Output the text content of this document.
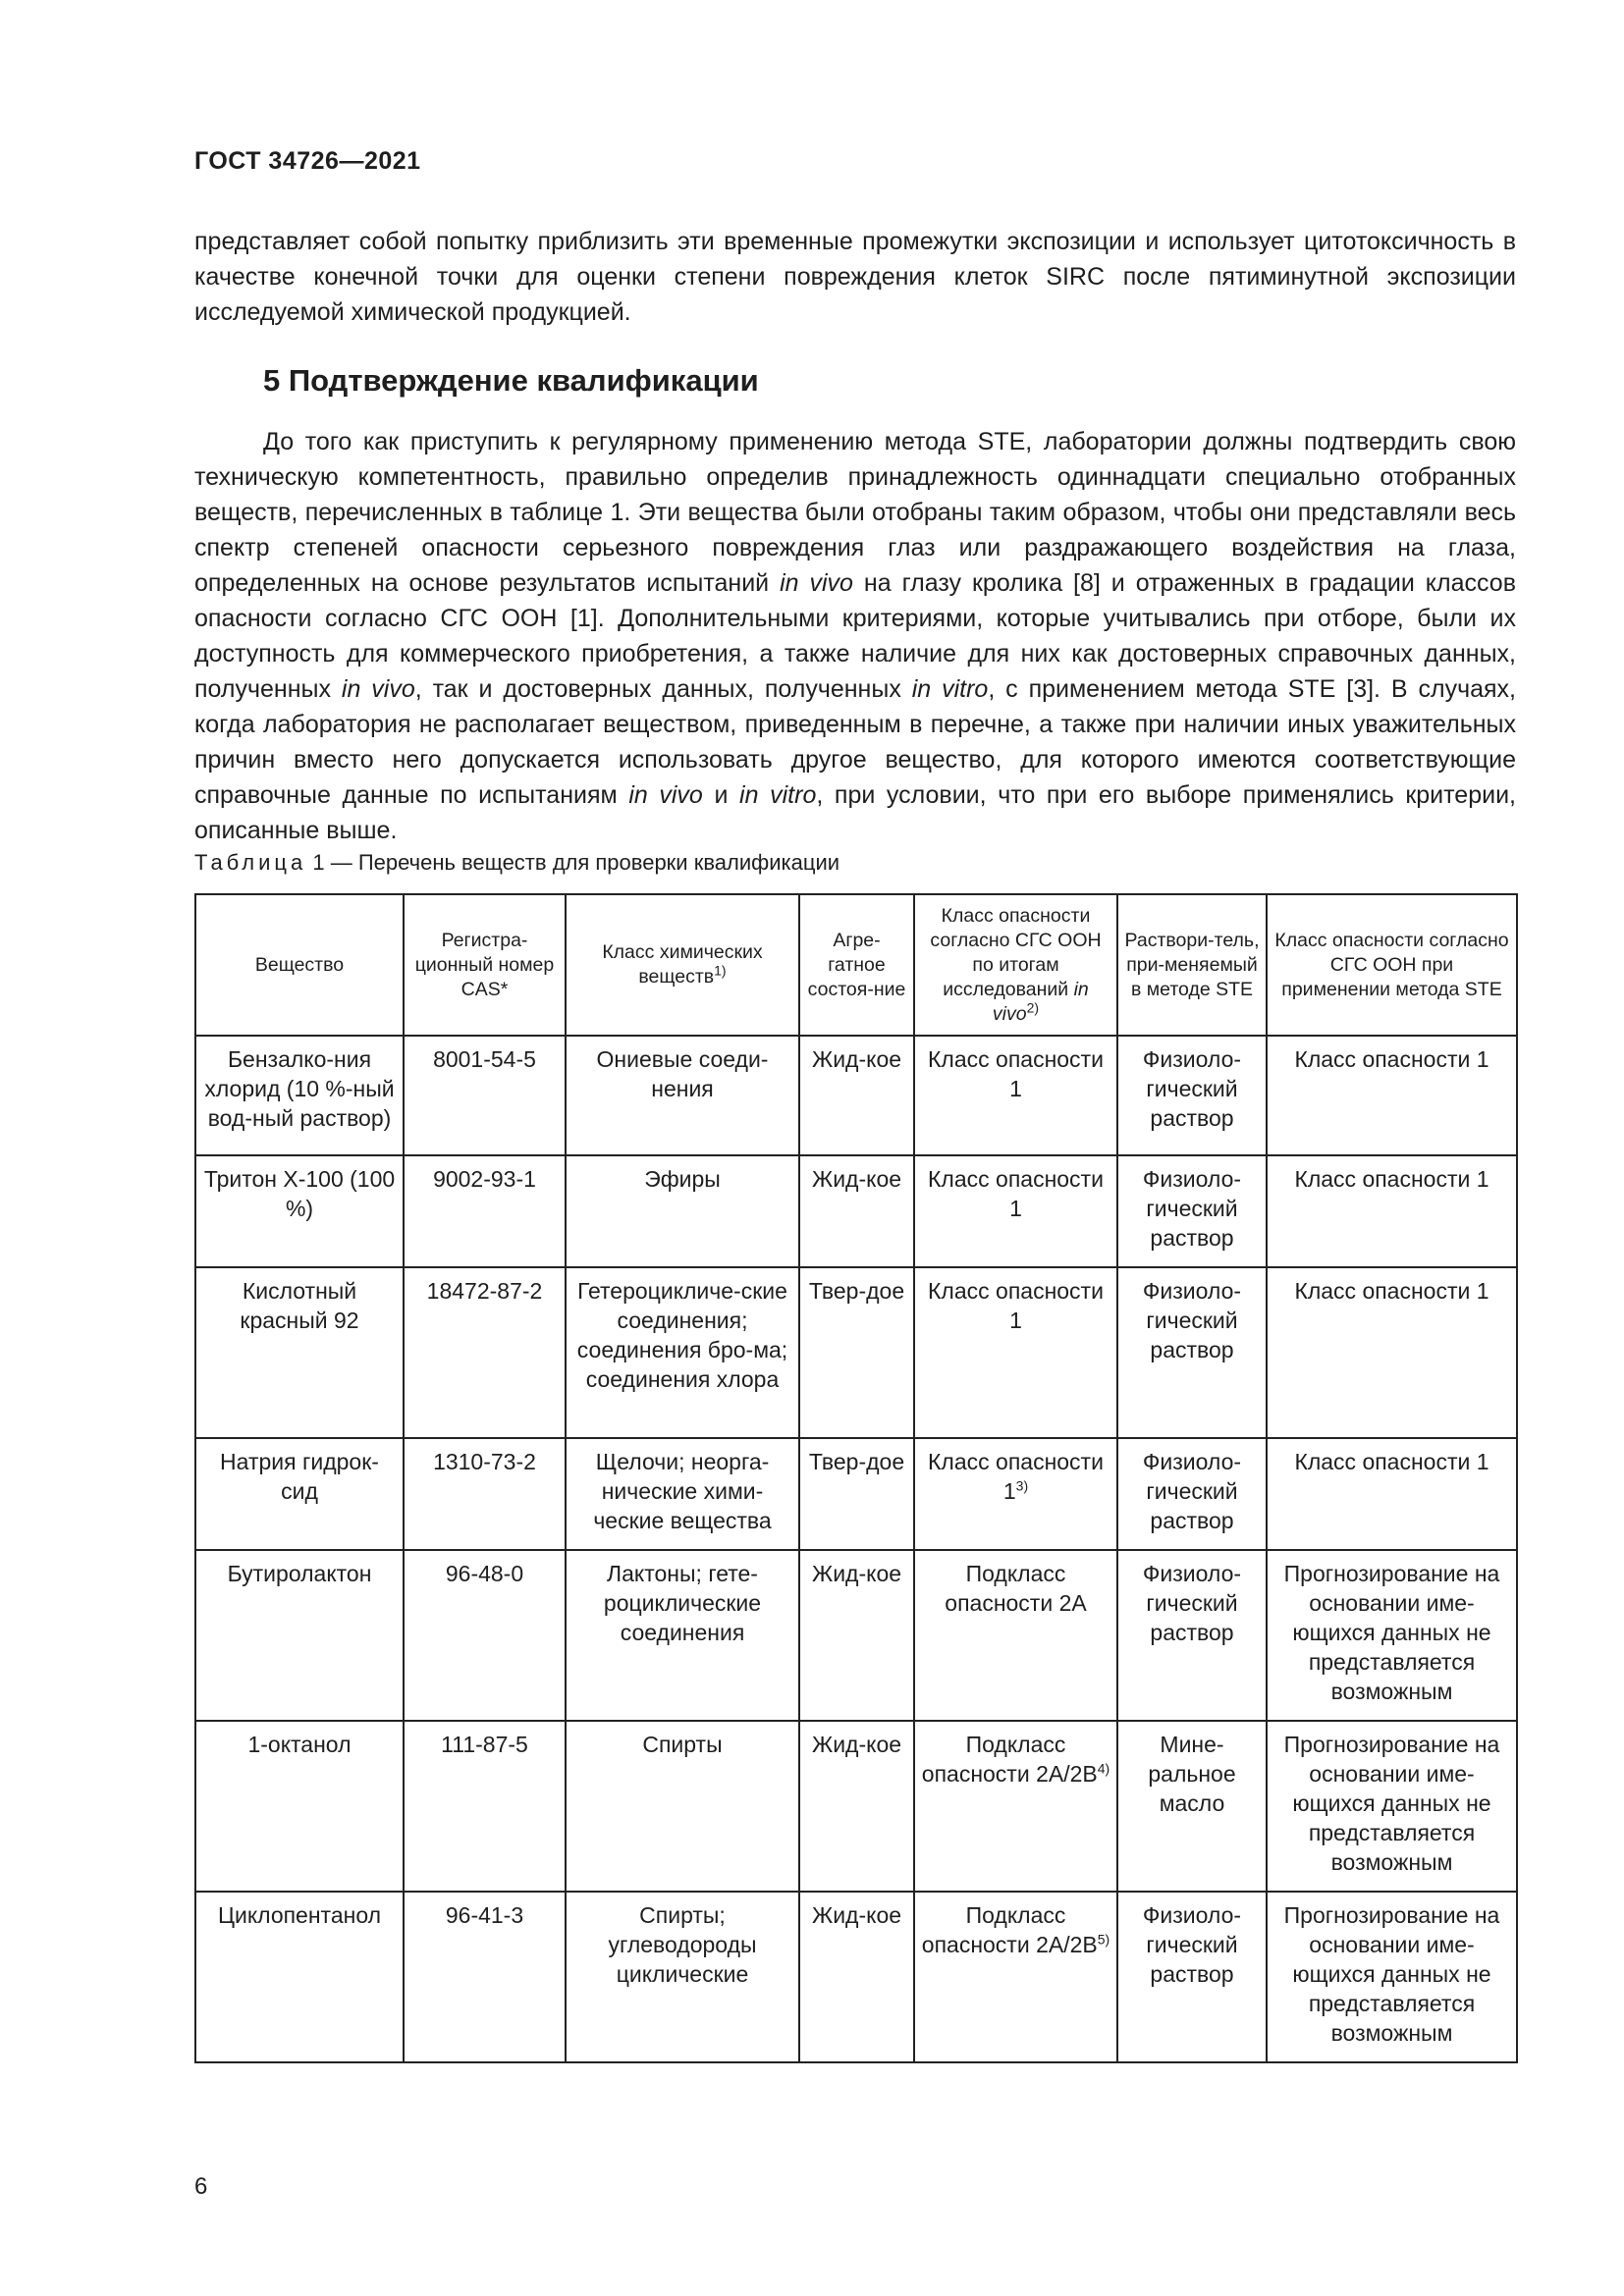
ГОСТ 34726—2021

представляет собой попытку приблизить эти временные промежутки экспозиции и использует цитотоксичность в качестве конечной точки для оценки степени повреждения клеток SIRC после пятиминутной экспозиции исследуемой химической продукцией.

5 Подтверждение квалификации

До того как приступить к регулярному применению метода STE, лаборатории должны подтвердить свою техническую компетентность, правильно определив принадлежность одиннадцати специально отобранных веществ, перечисленных в таблице 1. Эти вещества были отобраны таким образом, чтобы они представляли весь спектр степеней опасности серьезного повреждения глаз или раздражающего воздействия на глаза, определенных на основе результатов испытаний in vivo на глазу кролика [8] и отраженных в градации классов опасности согласно СГС ООН [1]. Дополнительными критериями, которые учитывались при отборе, были их доступность для коммерческого приобретения, а также наличие для них как достоверных справочных данных, полученных in vivo, так и достоверных данных, полученных in vitro, с применением метода STE [3]. В случаях, когда лаборатория не располагает веществом, приведенным в перечне, а также при наличии иных уважительных причин вместо него допускается использовать другое вещество, для которого имеются соответствующие справочные данные по испытаниям in vivo и in vitro, при условии, что при его выборе применялись критерии, описанные выше.

Таблица 1 — Перечень веществ для проверки квалификации
Вещество	Регистра-ционный номер CAS*	Класс химических веществ$^{1)}$	Агре-гатное состоя-ние	Класс опасности согласно СГС ООН по итогам исследований in vivo$^{2)}$	Раствори-тель, при-меняемый в методе STE	Класс опасности согласно СГС ООН при применении метода STE
Бензалко-ния хлорид (10 %-ный вод-ный раствор)	8001-54-5	Ониевые соеди-нения	Жид-кое	Класс опасности 1	Физиоло-гический раствор	Класс опасности 1
Тритон Х-100 (100 %)	9002-93-1	Эфиры	Жид-кое	Класс опасности 1	Физиоло-гический раствор	Класс опасности 1
Кислотный красный 92	18472-87-2	Гетероцикличе-ские соединения; соединения бро-ма; соединения хлора	Твер-дое	Класс опасности 1	Физиоло-гический раствор	Класс опасности 1
Натрия гидрок-сид	1310-73-2	Щелочи; неорга-нические хими-ческие вещества	Твер-дое	Класс опасности 1$^{3)}$	Физиоло-гический раствор	Класс опасности 1
Бутиролактон	96-48-0	Лактоны; гете-роциклические соединения	Жид-кое	Подкласс опасности 2А	Физиоло-гический раствор	Прогнозирование на основании име-ющихся данных не представляется возможным
1-октанол	111-87-5	Спирты	Жид-кое	Подкласс опасности $2А/2В^{4)}$	Мине-ральное масло	Прогнозирование на основании име-ющихся данных не представляется возможным
Циклопентанол	96-41-3	Спирты; углеводороды циклические	Жид-кое	Подкласс опасности $2А/2В^{5)}$	Физиоло-гический раствор	Прогнозирование на основании име-ющихся данных не представляется возможным
6
